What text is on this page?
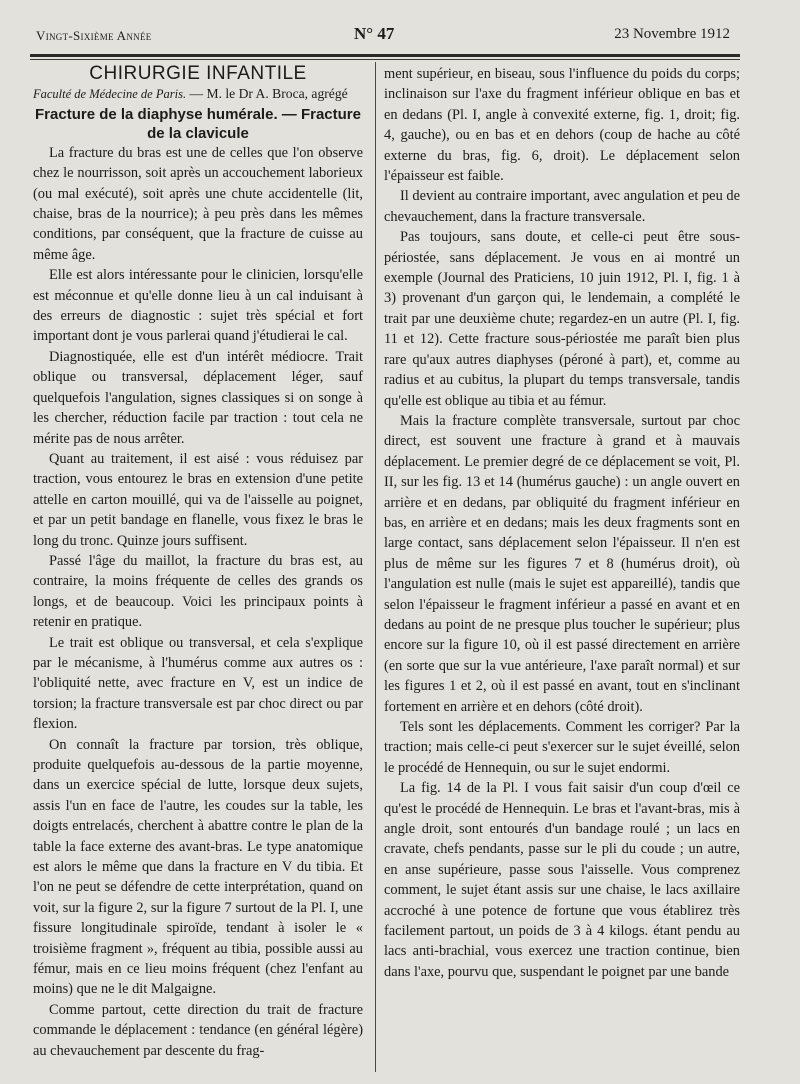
Vingt-Sixième Année	N° 47	23 Novembre 1912

CHIRURGIE INFANTILE

Faculté de Médecine de Paris. — M. le Dr A. Broca, agrégé

Fracture de la diaphyse humérale. — Fracture de la clavicule

La fracture du bras est une de celles que l'on observe chez le nourrisson, soit après un accouchement laborieux (ou mal exécuté), soit après une chute accidentelle (lit, chaise, bras de la nourrice); à peu près dans les mêmes conditions, par conséquent, que la fracture de cuisse au même âge.

Elle est alors intéressante pour le clinicien, lorsqu'elle est méconnue et qu'elle donne lieu à un cal induisant à des erreurs de diagnostic : sujet très spécial et fort important dont je vous parlerai quand j'étudierai le cal.

Diagnostiquée, elle est d'un intérêt médiocre. Trait oblique ou transversal, déplacement léger, sauf quelquefois l'angulation, signes classiques si on songe à les chercher, réduction facile par traction : tout cela ne mérite pas de nous arrêter.

Quant au traitement, il est aisé : vous réduisez par traction, vous entourez le bras en extension d'une petite attelle en carton mouillé, qui va de l'aisselle au poignet, et par un petit bandage en flanelle, vous fixez le bras le long du tronc. Quinze jours suffisent.

Passé l'âge du maillot, la fracture du bras est, au contraire, la moins fréquente de celles des grands os longs, et de beaucoup. Voici les principaux points à retenir en pratique.

Le trait est oblique ou transversal, et cela s'explique par le mécanisme, à l'humérus comme aux autres os : l'obliquité nette, avec fracture en V, est un indice de torsion; la fracture transversale est par choc direct ou par flexion.

On connaît la fracture par torsion, très oblique, produite quelquefois au-dessous de la partie moyenne, dans un exercice spécial de lutte, lorsque deux sujets, assis l'un en face de l'autre, les coudes sur la table, les doigts entrelacés, cherchent à abattre contre le plan de la table la face externe des avant-bras. Le type anatomique est alors le même que dans la fracture en V du tibia. Et l'on ne peut se défendre de cette interprétation, quand on voit, sur la figure 2, sur la figure 7 surtout de la Pl. I, une fissure longitudinale spiroïde, tendant à isoler le « troisième fragment », fréquent au tibia, possible aussi au fémur, mais en ce lieu moins fréquent (chez l'enfant au moins) que ne le dit Malgaigne.

Comme partout, cette direction du trait de fracture commande le déplacement : tendance (en général légère) au chevauchement par descente du frag-

ment supérieur, en biseau, sous l'influence du poids du corps; inclinaison sur l'axe du fragment inférieur oblique en bas et en dedans (Pl. I, angle à convexité externe, fig. 1, droit; fig. 4, gauche), ou en bas et en dehors (coup de hache au côté externe du bras, fig. 6, droit). Le déplacement selon l'épaisseur est faible.

Il devient au contraire important, avec angulation et peu de chevauchement, dans la fracture transversale.

Pas toujours, sans doute, et celle-ci peut être sous-périostée, sans déplacement. Je vous en ai montré un exemple (Journal des Praticiens, 10 juin 1912, Pl. I, fig. 1 à 3) provenant d'un garçon qui, le lendemain, a complété le trait par une deuxième chute; regardez-en un autre (Pl. I, fig. 11 et 12). Cette fracture sous-périostée me paraît bien plus rare qu'aux autres diaphyses (péroné à part), et, comme au radius et au cubitus, la plupart du temps transversale, tandis qu'elle est oblique au tibia et au fémur.

Mais la fracture complète transversale, surtout par choc direct, est souvent une fracture à grand et à mauvais déplacement. Le premier degré de ce déplacement se voit, Pl. II, sur les fig. 13 et 14 (humérus gauche) : un angle ouvert en arrière et en dedans, par obliquité du fragment inférieur en bas, en arrière et en dedans; mais les deux fragments sont en large contact, sans déplacement selon l'épaisseur. Il n'en est plus de même sur les figures 7 et 8 (humérus droit), où l'angulation est nulle (mais le sujet est appareillé), tandis que selon l'épaisseur le fragment inférieur a passé en avant et en dedans au point de ne presque plus toucher le supérieur; plus encore sur la figure 10, où il est passé directement en arrière (en sorte que sur la vue antérieure, l'axe paraît normal) et sur les figures 1 et 2, où il est passé en avant, tout en s'inclinant fortement en arrière et en dehors (côté droit).

Tels sont les déplacements. Comment les corriger? Par la traction; mais celle-ci peut s'exercer sur le sujet éveillé, selon le procédé de Hennequin, ou sur le sujet endormi.

La fig. 14 de la Pl. I vous fait saisir d'un coup d'œil ce qu'est le procédé de Hennequin. Le bras et l'avant-bras, mis à angle droit, sont entourés d'un bandage roulé ; un lacs en cravate, chefs pendants, passe sur le pli du coude ; un autre, en anse supérieure, passe sous l'aisselle. Vous comprenez comment, le sujet étant assis sur une chaise, le lacs axillaire accroché à une potence de fortune que vous établirez très facilement partout, un poids de 3 à 4 kilogs. étant pendu au lacs anti-brachial, vous exercez une traction continue, bien dans l'axe, pourvu que, suspendant le poignet par une bande
